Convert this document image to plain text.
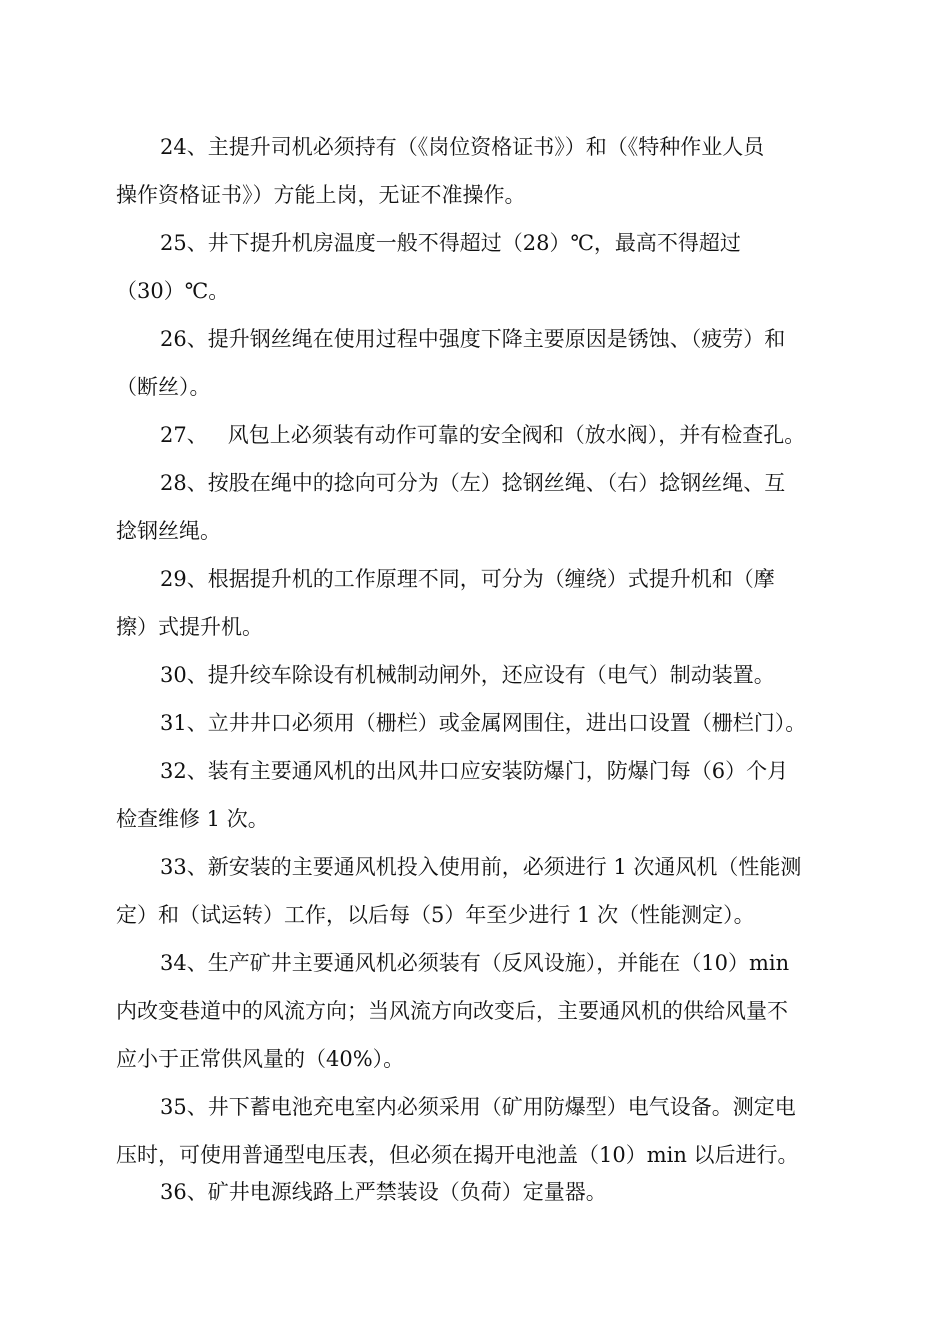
24、主提升司机必须持有（《岗位资格证书》）和（《特种作业人员
操作资格证书》）方能上岗，无证不准操作。
25、井下提升机房温度一般不得超过（28）℃，最高不得超过
（30）℃。
26、提升钢丝绳在使用过程中强度下降主要原因是锈蚀、（疲劳）和
（断丝）。
27、   风包上必须装有动作可靠的安全阀和（放水阀），并有检查孔。
28、按股在绳中的捻向可分为（左）捻钢丝绳、（右）捻钢丝绳、互
捻钢丝绳。
29、根据提升机的工作原理不同，可分为（缠绕）式提升机和（摩
擦）式提升机。
30、提升绞车除设有机械制动闸外，还应设有（电气）制动装置。
31、立井井口必须用（栅栏）或金属网围住，进出口设置（栅栏门）。
32、装有主要通风机的出风井口应安装防爆门，防爆门每（6）个月
检查维修 1 次。
33、新安装的主要通风机投入使用前，必须进行 1 次通风机（性能测
定）和（试运转）工作，以后每（5）年至少进行 1 次（性能测定）。
34、生产矿井主要通风机必须装有（反风设施），并能在（10）min
内改变巷道中的风流方向；当风流方向改变后，主要通风机的供给风量不
应小于正常供风量的（40%）。
35、井下蓄电池充电室内必须采用（矿用防爆型）电气设备。测定电
压时，可使用普通型电压表，但必须在揭开电池盖（10）min 以后进行。
36、矿井电源线路上严禁装设（负荷）定量器。
